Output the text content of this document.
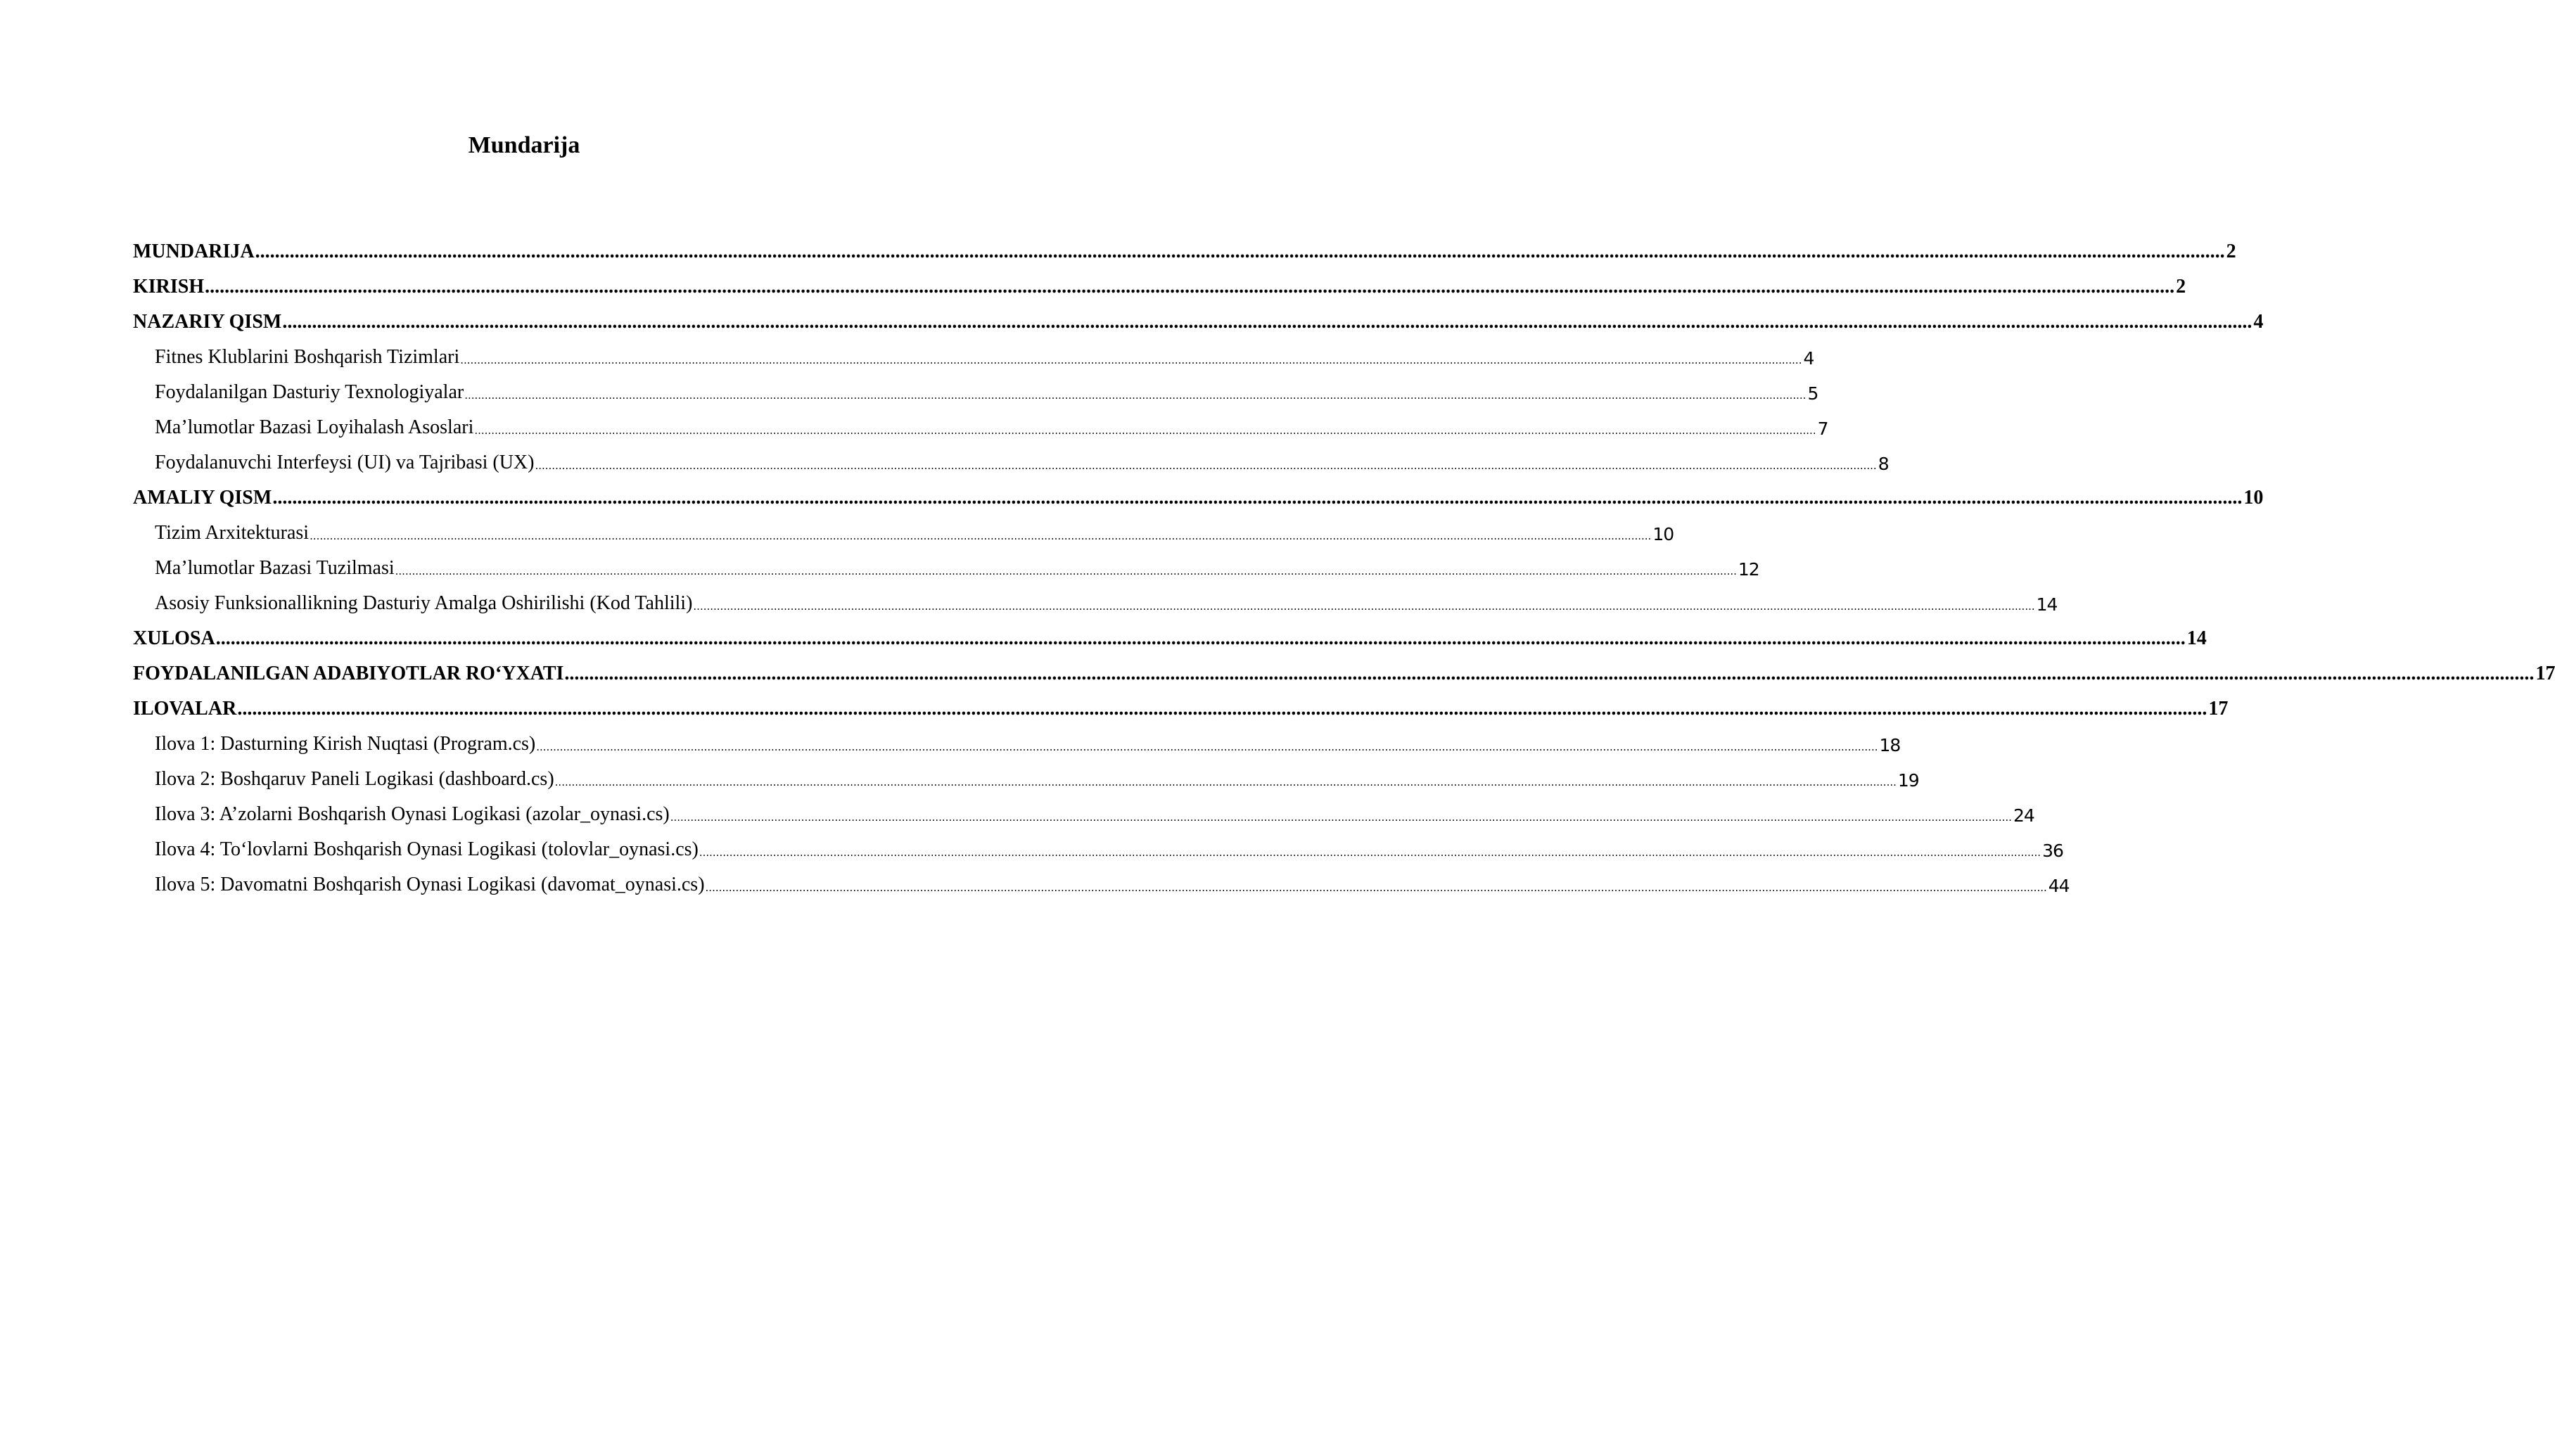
Mundarija
MUNDARIJA ................................................................................................................................................................................................................................................................................................................................................................................................................ 2
KIRISH ................................................................................................................................................................................................................................................................................................................................................................................................................ 2
NAZARIY QISM ................................................................................................................................................................................................................................................................................................................................................................................................................ 4
Fitnes Klublarini Boshqarish Tizimlari ................................................................................................................................................................................................................................................................................................................................................................................................................ 4
Foydalanilgan Dasturiy Texnologiyalar ................................................................................................................................................................................................................................................................................................................................................................................................................ 5
Ma’lumotlar Bazasi Loyihalash Asoslari ................................................................................................................................................................................................................................................................................................................................................................................................................ 7
Foydalanuvchi Interfeysi (UI) va Tajribasi (UX) ................................................................................................................................................................................................................................................................................................................................................................................................................ 8
AMALIY QISM ................................................................................................................................................................................................................................................................................................................................................................................................................ 10
Tizim Arxitekturasi ................................................................................................................................................................................................................................................................................................................................................................................................................ 10
Ma’lumotlar Bazasi Tuzilmasi ................................................................................................................................................................................................................................................................................................................................................................................................................ 12
Asosiy Funksionallikning Dasturiy Amalga Oshirilishi (Kod Tahlili) ................................................................................................................................................................................................................................................................................................................................................................................................................ 14
XULOSA ................................................................................................................................................................................................................................................................................................................................................................................................................ 14
FOYDALANILGAN ADABIYOTLAR RO‘YXATI ................................................................................................................................................................................................................................................................................................................................................................................................................ 17
ILOVALAR ................................................................................................................................................................................................................................................................................................................................................................................................................ 17
Ilova 1: Dasturning Kirish Nuqtasi (Program.cs) ................................................................................................................................................................................................................................................................................................................................................................................................................ 18
Ilova 2: Boshqaruv Paneli Logikasi (dashboard.cs) ................................................................................................................................................................................................................................................................................................................................................................................................................ 19
Ilova 3: A’zolarni Boshqarish Oynasi Logikasi (azolar_oynasi.cs) ................................................................................................................................................................................................................................................................................................................................................................................................................ 24
Ilova 4: To‘lovlarni Boshqarish Oynasi Logikasi (tolovlar_oynasi.cs) ................................................................................................................................................................................................................................................................................................................................................................................................................ 36
Ilova 5: Davomatni Boshqarish Oynasi Logikasi (davomat_oynasi.cs) ................................................................................................................................................................................................................................................................................................................................................................................................................ 44
